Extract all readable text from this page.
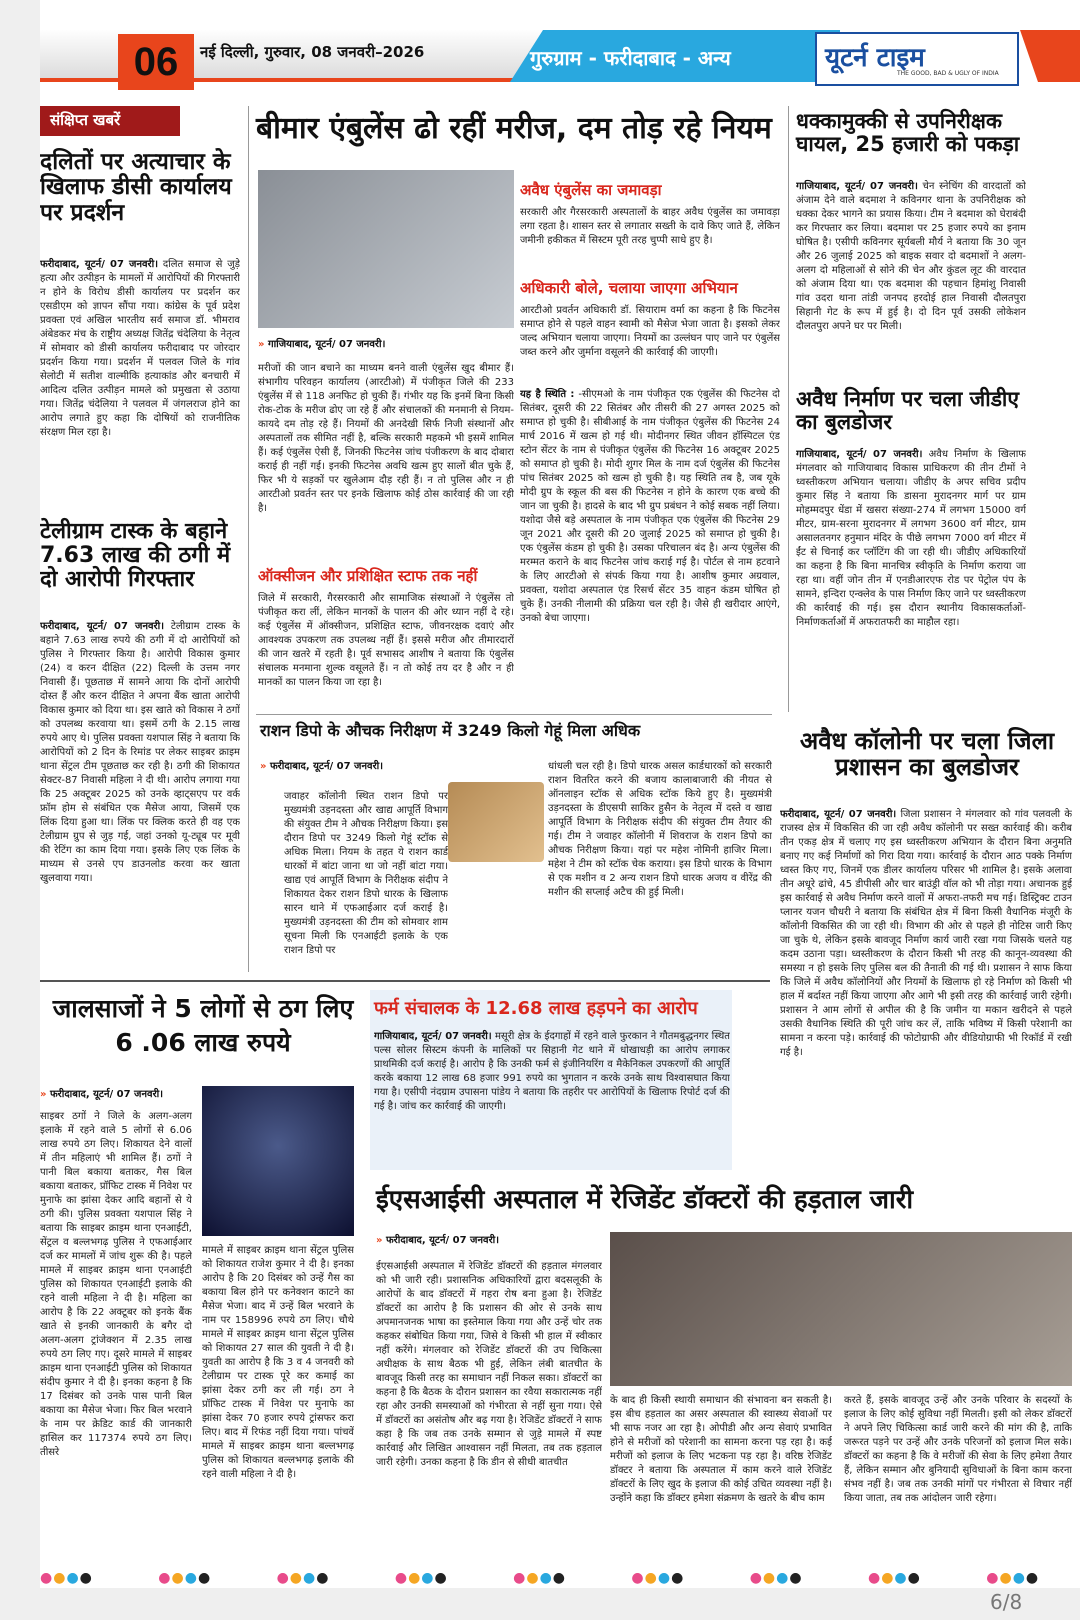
06	नई दिल्ली, गुरुवार, 08 जनवरी–2026	गुरुग्राम - फरीदाबाद - अन्य	यूटर्न टाइम
THE GOOD, BAD & UGLY OF INDIA
संक्षिप्त खबरें
दलितों पर अत्याचार के खिलाफ डीसी कार्यालय पर प्रदर्शन
फरीदाबाद, यूटर्न/ 07 जनवरी। दलित समाज से जुड़े हत्या और उत्पीड़न के मामलों में आरोपियों की गिरफ्तारी न होने के विरोध डीसी कार्यालय पर प्रदर्शन कर एसडीएम को ज्ञापन सौंपा गया। कांग्रेस के पूर्व प्रदेश प्रवक्ता एवं अखिल भारतीय सर्व समाज डॉ. भीमराव अंबेडकर मंच के राष्ट्रीय अध्यक्ष जितेंद्र चंदेलिया के नेतृत्व में सोमवार को डीसी कार्यालय फरीदाबाद पर जोरदार प्रदर्शन किया गया। प्रदर्शन में पलवल जिले के गांव सेलोटी में सतीश वाल्मीकि हत्याकांड और बनचारी में आदित्य दलित उत्पीड़न मामले को प्रमुखता से उठाया गया। जितेंद्र चंदेलिया ने पलवल में जंगलराज होने का आरोप लगाते हुए कहा कि दोषियों को राजनीतिक संरक्षण मिल रहा है।
टेलीग्राम टास्क के बहाने 7.63 लाख की ठगी में दो आरोपी गिरफ्तार
फरीदाबाद, यूटर्न/ 07 जनवरी। टेलीग्राम टास्क के बहाने 7.63 लाख रुपये की ठगी में दो आरोपियों को पुलिस ने गिरफ्तार किया है। आरोपी विकास कुमार (24) व करन दीक्षित (22) दिल्ली के उत्तम नगर निवासी हैं। पूछताछ में सामने आया कि दोनों आरोपी दोस्त हैं और करन दीक्षित ने अपना बैंक खाता आरोपी विकास कुमार को दिया था। इस खाते को विकास ने ठगों को उपलब्ध करवाया था। इसमें ठगी के 2.15 लाख रुपये आए थे। पुलिस प्रवक्ता यशपाल सिंह ने बताया कि आरोपियों को 2 दिन के रिमांड पर लेकर साइबर क्राइम थाना सेंट्रल टीम पूछताछ कर रही है। ठगी की शिकायत सेक्टर-87 निवासी महिला ने दी थी। आरोप लगाया गया कि 25 अक्टूबर 2025 को उनके व्हाट्सएप पर वर्क फ्रॉम होम से संबंधित एक मैसेज आया, जिसमें एक लिंक दिया हुआ था। लिंक पर क्लिक करते ही वह एक टेलीग्राम ग्रुप से जुड़ गई, जहां उनको यू-ट्यूब पर मूवी की रेटिंग का काम दिया गया। इसके लिए एक लिंक के माध्यम से उनसे एप डाउनलोड करवा कर खाता खुलवाया गया।
बीमार एंबुलेंस ढो रहीं मरीज, दम तोड़ रहे नियम
» गाजियाबाद, यूटर्न/ 07 जनवरी।
मरीजों की जान बचाने का माध्यम बनने वाली एंबुलेंस खुद बीमार हैं। संभागीय परिवहन कार्यालय (आरटीओ) में पंजीकृत जिले की 233 एंबुलेंस में से 118 अनफिट हो चुकी हैं। गंभीर यह कि इनमें बिना किसी रोक-टोक के मरीज ढोए जा रहे हैं और संचालकों की मनमानी से नियम-कायदे दम तोड़ रहे हैं। नियमों की अनदेखी सिर्फ निजी संस्थानों और अस्पतालों तक सीमित नहीं है, बल्कि सरकारी महकमे भी इसमें शामिल हैं। कई एंबुलेंस ऐसी हैं, जिनकी फिटनेस जांच पंजीकरण के बाद दोबारा कराई ही नहीं गई। इनकी फिटनेस अवधि खत्म हुए सालों बीत चुके हैं, फिर भी ये सड़कों पर खुलेआम दौड़ रही हैं। न तो पुलिस और न ही आरटीओ प्रवर्तन स्तर पर इनके खिलाफ कोई ठोस कार्रवाई की जा रही है।
ऑक्सीजन और प्रशिक्षित स्टाफ तक नहीं
जिले में सरकारी, गैरसरकारी और सामाजिक संस्थाओं ने एंबुलेंस तो पंजीकृत करा लीं, लेकिन मानकों के पालन की ओर ध्यान नहीं दे रहे। कई एंबुलेंस में ऑक्सीजन, प्रशिक्षित स्टाफ, जीवनरक्षक दवाएं और आवश्यक उपकरण तक उपलब्ध नहीं हैं। इससे मरीज और तीमारदारों की जान खतरे में रहती है। पूर्व सभासद आशीष ने बताया कि एंबुलेंस संचालक मनमाना शुल्क वसूलते हैं। न तो कोई तय दर है और न ही मानकों का पालन किया जा रहा है।
अवैध एंबुलेंस का जमावड़ा
सरकारी और गैरसरकारी अस्पतालों के बाहर अवैध एंबुलेंस का जमावड़ा लगा रहता है। शासन स्तर से लगातार सख्ती के दावे किए जाते हैं, लेकिन जमीनी हकीकत में सिस्टम पूरी तरह चुप्पी साधे हुए है।
अधिकारी बोले, चलाया जाएगा अभियान
आरटीओ प्रवर्तन अधिकारी डॉ. सियाराम वर्मा का कहना है कि फिटनेस समाप्त होने से पहले वाहन स्वामी को मैसेज भेजा जाता है। इसको लेकर जल्द अभियान चलाया जाएगा। नियमों का उल्लंघन पाए जाने पर एंबुलेंस जब्त करने और जुर्माना वसूलने की कार्रवाई की जाएगी।
यह है स्थिति : -सीएमओ के नाम पंजीकृत एक एंबुलेंस की फिटनेस दो सितंबर, दूसरी की 22 सितंबर और तीसरी की 27 अगस्त 2025 को समाप्त हो चुकी है। सीबीआई के नाम पंजीकृत एंबुलेंस की फिटनेस 24 मार्च 2016 में खत्म हो गई थी। मोदीनगर स्थित जीवन हॉस्पिटल एंड स्टोन सेंटर के नाम से पंजीकृत एंबुलेंस की फिटनेस 16 अक्टूबर 2025 को समाप्त हो चुकी है। मोदी शुगर मिल के नाम दर्ज एंबुलेंस की फिटनेस पांच सितंबर 2025 को खत्म हो चुकी है। यह स्थिति तब है, जब यूके मोदी ग्रुप के स्कूल की बस की फिटनेस न होने के कारण एक बच्चे की जान जा चुकी है। हादसे के बाद भी ग्रुप प्रबंधन ने कोई सबक नहीं लिया। यशोदा जैसे बड़े अस्पताल के नाम पंजीकृत एक एंबुलेंस की फिटनेस 29 जून 2021 और दूसरी की 20 जुलाई 2025 को समाप्त हो चुकी है। एक एंबुलेंस कंडम हो चुकी है। उसका परिचालन बंद है। अन्य एंबुलेंस की मरम्मत कराने के बाद फिटनेस जांच कराई गई है। पोर्टल से नाम हटवाने के लिए आरटीओ से संपर्क किया गया है। आशीष कुमार अग्रवाल, प्रवक्ता, यशोदा अस्पताल एंड रिसर्च सेंटर 35 वाहन कंडम घोषित हो चुके हैं। उनकी नीलामी की प्रक्रिया चल रही है। जैसे ही खरीदार आएंगे, उनको बेचा जाएगा।
धक्कामुक्की से उपनिरीक्षक घायल, 25 हजारी को पकड़ा
गाजियाबाद, यूटर्न/ 07 जनवरी। चेन स्नेचिंग की वारदातों को अंजाम देने वाले बदमाश ने कविनगर थाना के उपनिरीक्षक को धक्का देकर भागने का प्रयास किया। टीम ने बदमाश को घेराबंदी कर गिरफ्तार कर लिया। बदमाश पर 25 हजार रुपये का इनाम घोषित है। एसीपी कविनगर सूर्यबली मौर्य ने बताया कि 30 जून और 26 जुलाई 2025 को बाइक सवार दो बदमाशों ने अलग-अलग दो महिलाओं से सोने की चेन और कुंडल लूट की वारदात को अंजाम दिया था। एक बदमाश की पहचान हिमांशु निवासी गांव उदरा थाना तांडी जनपद हरदोई हाल निवासी दौलतपुरा सिहानी गेट के रूप में हुई है। दो दिन पूर्व उसकी लोकेशन दौलतपुरा अपने घर पर मिली।
अवैध निर्माण पर चला जीडीए का बुलडोजर
गाजियाबाद, यूटर्न/ 07 जनवरी। अवैध निर्माण के खिलाफ मंगलवार को गाजियाबाद विकास प्राधिकरण की तीन टीमों ने ध्वस्तीकरण अभियान चलाया। जीडीए के अपर सचिव प्रदीप कुमार सिंह ने बताया कि डासना मुरादनगर मार्ग पर ग्राम मोहम्मदपुर धेंडा में खसरा संख्या-274 में लगभग 15000 वर्ग मीटर, ग्राम-सरना मुरादनगर में लगभग 3600 वर्ग मीटर, ग्राम असालतनगर हनुमान मंदिर के पीछे लगभग 7000 वर्ग मीटर में ईंट से चिनाई कर प्लॉटिंग की जा रही थी। जीडीए अधिकारियों का कहना है कि बिना मानचित्र स्वीकृति के निर्माण कराया जा रहा था। वहीं जोन तीन में एनडीआरएफ रोड पर पेट्रोल पंप के सामने, इन्दिरा एन्क्लेव के पास निर्माण किए जाने पर ध्वस्तीकरण की कार्रवाई की गई। इस दौरान स्थानीय विकासकर्ताओं- निर्माणकर्ताओं में अफरातफरी का माहौल रहा।
राशन डिपो के औचक निरीक्षण में 3249 किलो गेहूं मिला अधिक
» फरीदाबाद, यूटर्न/ 07 जनवरी।
जवाहर कॉलोनी स्थित राशन डिपो पर मुख्यमंत्री उड़नदस्ता और खाद्य आपूर्ति विभाग की संयुक्त टीम ने औचक निरीक्षण किया। इस दौरान डिपो पर 3249 किलो गेहूं स्टॉक से अधिक मिला। नियम के तहत ये राशन कार्ड धारकों में बांटा जाना था जो नहीं बांटा गया। खाद्य एवं आपूर्ति विभाग के निरीक्षक संदीप ने शिकायत देकर राशन डिपो धारक के खिलाफ सारन थाने में एफआईआर दर्ज कराई है। मुख्यमंत्री उड़नदस्ता की टीम को सोमवार शाम सूचना मिली कि एनआईटी इलाके के एक राशन डिपो पर
धांधली चल रही है। डिपो धारक असल कार्डधारकों को सरकारी राशन वितरित करने की बजाय कालाबाजारी की नीयत से ऑनलाइन स्टॉक से अधिक स्टॉक किये हुए है। मुख्यमंत्री उड़नदस्ता के डीएसपी साकिर हुसैन के नेतृत्व में दस्ते व खाद्य आपूर्ति विभाग के निरीक्षक संदीप की संयुक्त टीम तैयार की गई। टीम ने जवाहर कॉलोनी में शिवराज के राशन डिपो का औचक निरीक्षण किया। यहां पर महेश नोमिनी हाजिर मिला। महेश ने टीम को स्टॉक चेक कराया। इस डिपो धारक के विभाग से एक मशीन व 2 अन्य राशन डिपो धारक अजय व वीरेंद्र की मशीन की सप्लाई अटैच की हुई मिली।
अवैध कॉलोनी पर चला जिला प्रशासन का बुलडोजर
फरीदाबाद, यूटर्न/ 07 जनवरी। जिला प्रशासन ने मंगलवार को गांव पलवली के राजस्व क्षेत्र में विकसित की जा रही अवैध कॉलोनी पर सख्त कार्रवाई की। करीब तीन एकड़ क्षेत्र में चलाए गए इस ध्वस्तीकरण अभियान के दौरान बिना अनुमति बनाए गए कई निर्माणों को गिरा दिया गया। कार्रवाई के दौरान आठ पक्के निर्माण ध्वस्त किए गए, जिनमें एक डीलर कार्यालय परिसर भी शामिल है। इसके अलावा तीन अधूरे ढांचे, 45 डीपीसी और चार बाउंड्री वॉल को भी तोड़ा गया। अचानक हुई इस कार्रवाई से अवैध निर्माण करने वालों में अफरा-तफरी मच गई। डिस्ट्रिक्ट टाउन प्लानर यजन चौधरी ने बताया कि संबंधित क्षेत्र में बिना किसी वैधानिक मंजूरी के कॉलोनी विकसित की जा रही थी। विभाग की ओर से पहले ही नोटिस जारी किए जा चुके थे, लेकिन इसके बावजूद निर्माण कार्य जारी रखा गया जिसके चलते यह कदम उठाना पड़ा। ध्वस्तीकरण के दौरान किसी भी तरह की कानून-व्यवस्था की समस्या न हो इसके लिए पुलिस बल की तैनाती की गई थी। प्रशासन ने साफ किया कि जिले में अवैध कॉलोनियों और नियमों के खिलाफ हो रहे निर्माण को किसी भी हाल में बर्दाश्त नहीं किया जाएगा और आगे भी इसी तरह की कार्रवाई जारी रहेगी। प्रशासन ने आम लोगों से अपील की है कि जमीन या मकान खरीदने से पहले उसकी वैधानिक स्थिति की पूरी जांच कर लें, ताकि भविष्य में किसी परेशानी का सामना न करना पड़े। कार्रवाई की फोटोग्राफी और वीडियोग्राफी भी रिकॉर्ड में रखी गई है।
जालसाजों ने 5 लोगों से ठग लिए 6 .06 लाख रुपये
» फरीदाबाद, यूटर्न/ 07 जनवरी।
साइबर ठगों ने जिले के अलग-अलग इलाके में रहने वाले 5 लोगों से 6.06 लाख रुपये ठग लिए। शिकायत देने वालों में तीन महिलाएं भी शामिल हैं। ठगों ने पानी बिल बकाया बताकर, गैस बिल बकाया बताकर, प्रॉफिट टास्क में निवेश पर मुनाफे का झांसा देकर आदि बहानों से ये ठगी की। पुलिस प्रवक्ता यशपाल सिंह ने बताया कि साइबर क्राइम थाना एनआईटी, सेंट्रल व बल्लभगढ़ पुलिस ने एफआईआर दर्ज कर मामलों में जांच शुरू की है। पहले मामले में साइबर क्राइम थाना एनआईटी पुलिस को शिकायत एनआईटी इलाके की रहने वाली महिला ने दी है। महिला का आरोप है कि 22 अक्टूबर को इनके बैंक खाते से इनकी जानकारी के बगैर दो अलग-अलग ट्रांजेक्शन में 2.35 लाख रुपये ठग लिए गए। दूसरे मामले में साइबर क्राइम थाना एनआईटी पुलिस को शिकायत संदीप कुमार ने दी है। इनका कहना है कि 17 दिसंबर को उनके पास पानी बिल बकाया का मैसेज भेजा। फिर बिल भरवाने के नाम पर क्रेडिट कार्ड की जानकारी हासिल कर 117374 रुपये ठग लिए। तीसरे
मामले में साइबर क्राइम थाना सेंट्रल पुलिस को शिकायत राजेश कुमार ने दी है। इनका आरोप है कि 20 दिसंबर को उन्हें गैस का बकाया बिल होने पर कनेक्शन काटने का मैसेज भेजा। बाद में उन्हें बिल भरवाने के नाम पर 158996 रुपये ठग लिए। चौथे मामले में साइबर क्राइम थाना सेंट्रल पुलिस को शिकायत 27 साल की युवती ने दी है। युवती का आरोप है कि 3 व 4 जनवरी को टेलीग्राम पर टास्क पूरे कर कमाई का झांसा देकर ठगी कर ली गई। ठग ने प्रॉफिट टास्क में निवेश पर मुनाफे का झांसा देकर 70 हजार रुपये ट्रांसफर करा लिए। बाद में रिफंड नहीं दिया गया। पांचवें मामले में साइबर क्राइम थाना बल्लभगढ़ पुलिस को शिकायत बल्लभगढ़ इलाके की रहने वाली महिला ने दी है।
फर्म संचालक के 12.68 लाख हड़पने का आरोप
गाजियाबाद, यूटर्न/ 07 जनवरी। मसूरी क्षेत्र के ईदगाहों में रहने वाले फुरकान ने गौतमबुद्धनगर स्थित पल्स सोलर सिस्टम कंपनी के मालिकों पर सिहानी गेट थाने में धोखाधड़ी का आरोप लगाकर प्राथमिकी दर्ज कराई है। आरोप है कि उनकी फर्म से इंजीनियरिंग व मैकेनिकल उपकरणों की आपूर्ति करके बकाया 12 लाख 68 हजार 991 रुपये का भुगतान न करके उनके साथ विश्वासघात किया गया है। एसीपी नंदग्राम उपासना पांडेय ने बताया कि तहरीर पर आरोपियों के खिलाफ रिपोर्ट दर्ज की गई है। जांच कर कार्रवाई की जाएगी।
ईएसआईसी अस्पताल में रेजिडेंट डॉक्टरों की हड़ताल जारी
» फरीदाबाद, यूटर्न/ 07 जनवरी।
ईएसआईसी अस्पताल में रेजिडेंट डॉक्टरों की हड़ताल मंगलवार को भी जारी रही। प्रशासनिक अधिकारियों द्वारा बदसलूकी के आरोपों के बाद डॉक्टरों में गहरा रोष बना हुआ है। रेजिडेंट डॉक्टरों का आरोप है कि प्रशासन की ओर से उनके साथ अपमानजनक भाषा का इस्तेमाल किया गया और उन्हें चोर तक कहकर संबोधित किया गया, जिसे वे किसी भी हाल में स्वीकार नहीं करेंगे। मंगलवार को रेजिडेंट डॉक्टरों की उप चिकित्सा अधीक्षक के साथ बैठक भी हुई, लेकिन लंबी बातचीत के बावजूद किसी तरह का समाधान नहीं निकल सका। डॉक्टरों का कहना है कि बैठक के दौरान प्रशासन का रवैया सकारात्मक नहीं रहा और उनकी समस्याओं को गंभीरता से नहीं सुना गया। ऐसे में डॉक्टरों का असंतोष और बढ़ गया है। रेजिडेंट डॉक्टरों ने साफ कहा है कि जब तक उनके सम्मान से जुड़े मामले में स्पष्ट कार्रवाई और लिखित आश्वासन नहीं मिलता, तब तक हड़ताल जारी रहेगी। उनका कहना है कि डीन से सीधी बातचीत
के बाद ही किसी स्थायी समाधान की संभावना बन सकती है। इस बीच हड़ताल का असर अस्पताल की स्वास्थ्य सेवाओं पर भी साफ नजर आ रहा है। ओपीडी और अन्य सेवाएं प्रभावित होने से मरीजों को परेशानी का सामना करना पड़ रहा है। कई मरीजों को इलाज के लिए भटकना पड़ रहा है। वरिष्ठ रेजिडेंट डॉक्टर ने बताया कि अस्पताल में काम करने वाले रेजिडेंट डॉक्टरों के लिए खुद के इलाज की कोई उचित व्यवस्था नहीं है। उन्होंने कहा कि डॉक्टर हमेशा संक्रमण के खतरे के बीच काम
करते हैं, इसके बावजूद उन्हें और उनके परिवार के सदस्यों के इलाज के लिए कोई सुविधा नहीं मिलती। इसी को लेकर डॉक्टरों ने अपने लिए चिकित्सा कार्ड जारी करने की मांग की है, ताकि जरूरत पड़ने पर उन्हें और उनके परिजनों को इलाज मिल सके। डॉक्टरों का कहना है कि वे मरीजों की सेवा के लिए हमेशा तैयार हैं, लेकिन सम्मान और बुनियादी सुविधाओं के बिना काम करना संभव नहीं है। जब तक उनकी मांगों पर गंभीरता से विचार नहीं किया जाता, तब तक आंदोलन जारी रहेगा।
●●●●	●●●●	●●●●	●●●●	●●●●	●●●●	●●●●	●●●●	●●●●
6/8
